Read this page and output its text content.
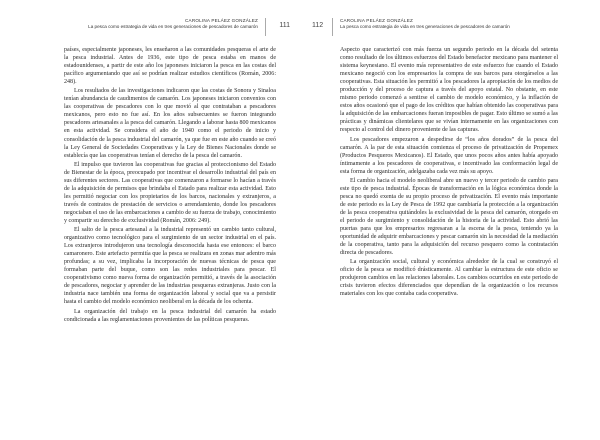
CAROLINA PELÁEZ GONZÁLEZ
La pesca como estrategia de vida en tres generaciones de pescadores de camarón	111

países, especialmente japoneses, les enseñaron a las comunidades pesqueras el arte de la pesca industrial. Antes de 1936, este tipo de pesca estaba en manos de estadounidenses, a partir de este año los japoneses iniciaron la pesca en las costas del pacífico argumentando que así se podrían realizar estudios científicos (Román, 2006: 248).

Los resultados de las investigaciones indicaron que las costas de Sonora y Sinaloa tenían abundancia de caudimentos de camarón. Los japoneses iniciaron convenios con las cooperativas de pescadores con lo que movió al que contrataban a pescadores mexicanos, pero esto no fue así. En los años subsecuentes se fueron integrando pescadores artesanales a la pesca del camarón. Llegando a laborar hasta 800 mexicanos en esta actividad. Se considera el año de 1940 como el periodo de inicio y consolidación de la pesca industrial del camarón, ya que fue en este año cuando se creó la Ley General de Sociedades Cooperativas y la Ley de Bienes Nacionales donde se establecía que las cooperativas tenían el derecho de la pesca del camarón.

El impulso que tuvieron las cooperativas fue gracias al proteccionismo del Estado de Bienestar de la época, preocupado por incentivar el desarrollo industrial del país en sus diferentes sectores. Las cooperativas que comenzaron a formarse lo hacían a través de la adquisición de permisos que brindaba el Estado para realizar esta actividad. Esto les permitió negociar con los propietarios de los barcos, nacionales y extranjeros, a través de contratos de prestación de servicios o arrendamiento, donde los pescadores negociaban el uso de las embarcaciones a cambio de su fuerza de trabajo, conocimiento y compartir su derecho de exclusividad (Román, 2006: 249).

El salto de la pesca artesanal a la industrial representó un cambio tanto cultural, organizativo como tecnológico para el surgimiento de un sector industrial en el país. Los extranjeros introdujeron una tecnología desconocida hasta ese entonces: el barco camaronero. Este artefacto permitía que la pesca se realizara en zonas mar adentro más profundas; a su vez, implicaba la incorporación de nuevas técnicas de pesca que formaban parte del buque, como son las redes industriales para pescar. El cooperativismo como nueva forma de organización permitió, a través de la asociación de pescadores, negociar y aprender de las industrias pesqueras extranjeras. Justo con la industria nace también una forma de organización laboral y social que va a persistir hasta el cambio del modelo económico neoliberal en la década de los ochenta.

La organización del trabajo en la pesca industrial del camarón ha estado condicionada a las reglamentaciones provenientes de las políticas pesqueras.

CAROLINA PELÁEZ GONZÁLEZ
La pesca como estrategia de vida en tres generaciones de pescadores de camarón
112

Aspecto que caracterizó con más fuerza un segundo periodo en la década del setenta como resultado de los últimos esfuerzos del Estado benefactor mexicano para mantener el sistema keynesiano. El evento más representativo de este esfuerzo fue cuando el Estado mexicano negoció con los empresarios la compra de sus barcos para otorgárselos a las cooperativas. Esta situación les permitió a los pescadores la apropiación de los medios de producción y del proceso de captura a través del apoyo estatal. No obstante, en este mismo periodo comenzó a sentirse el cambio de modelo económico, y la inflación de estos años ocasionó que el pago de los créditos que habían obtenido las cooperativas para la adquisición de las embarcaciones fueran imposibles de pagar. Esto último se sumó a las prácticas y dinámicas clientelares que se vivían internamente en las organizaciones con respecto al control del dinero proveniente de las capturas.

Los pescadores empezaron a despedirse de “los años dorados” de la pesca del camarón. A la par de esta situación comienza el proceso de privatización de Propemex (Productos Pesqueros Mexicanos). El Estado, que unos pocos años antes había apoyado íntimamente a los pescadores de cooperativas, e incentivado las conformación legal de esta forma de organización, adelgazaba cada vez más su apoyo.

El cambio hacia el modelo neoliberal abre un nuevo y tercer periodo de cambio para este tipo de pesca industrial. Épocas de transformación en la lógica económica donde la pesca no quedó exenta de su propio proceso de privatización. El evento más importante de este periodo es la Ley de Pesca de 1992 que cambiaría la protección a la organización de la pesca cooperativa quitándoles la exclusividad de la pesca del camarón, otorgado en el periodo de surgimiento y consolidación de la historia de la actividad. Esto abrió las puertas para que los empresarios regresaran a la escena de la pesca, teniendo ya la oportunidad de adquirir embarcaciones y pescar camarón sin la necesidad de la mediación de la cooperativa, tanto para la adquisición del recurso pesquero como la contratación directa de pescadores.

La organización social, cultural y económica alrededor de la cual se construyó el oficio de la pesca se modificó drásticamente. Al cambiar la estructura de este oficio se produjeron cambios en las relaciones laborales. Los cambios ocurridos en este periodo de crisis tuvieron efectos diferenciados que dependían de la organización o los recursos materiales con los que contaba cada cooperativa.
